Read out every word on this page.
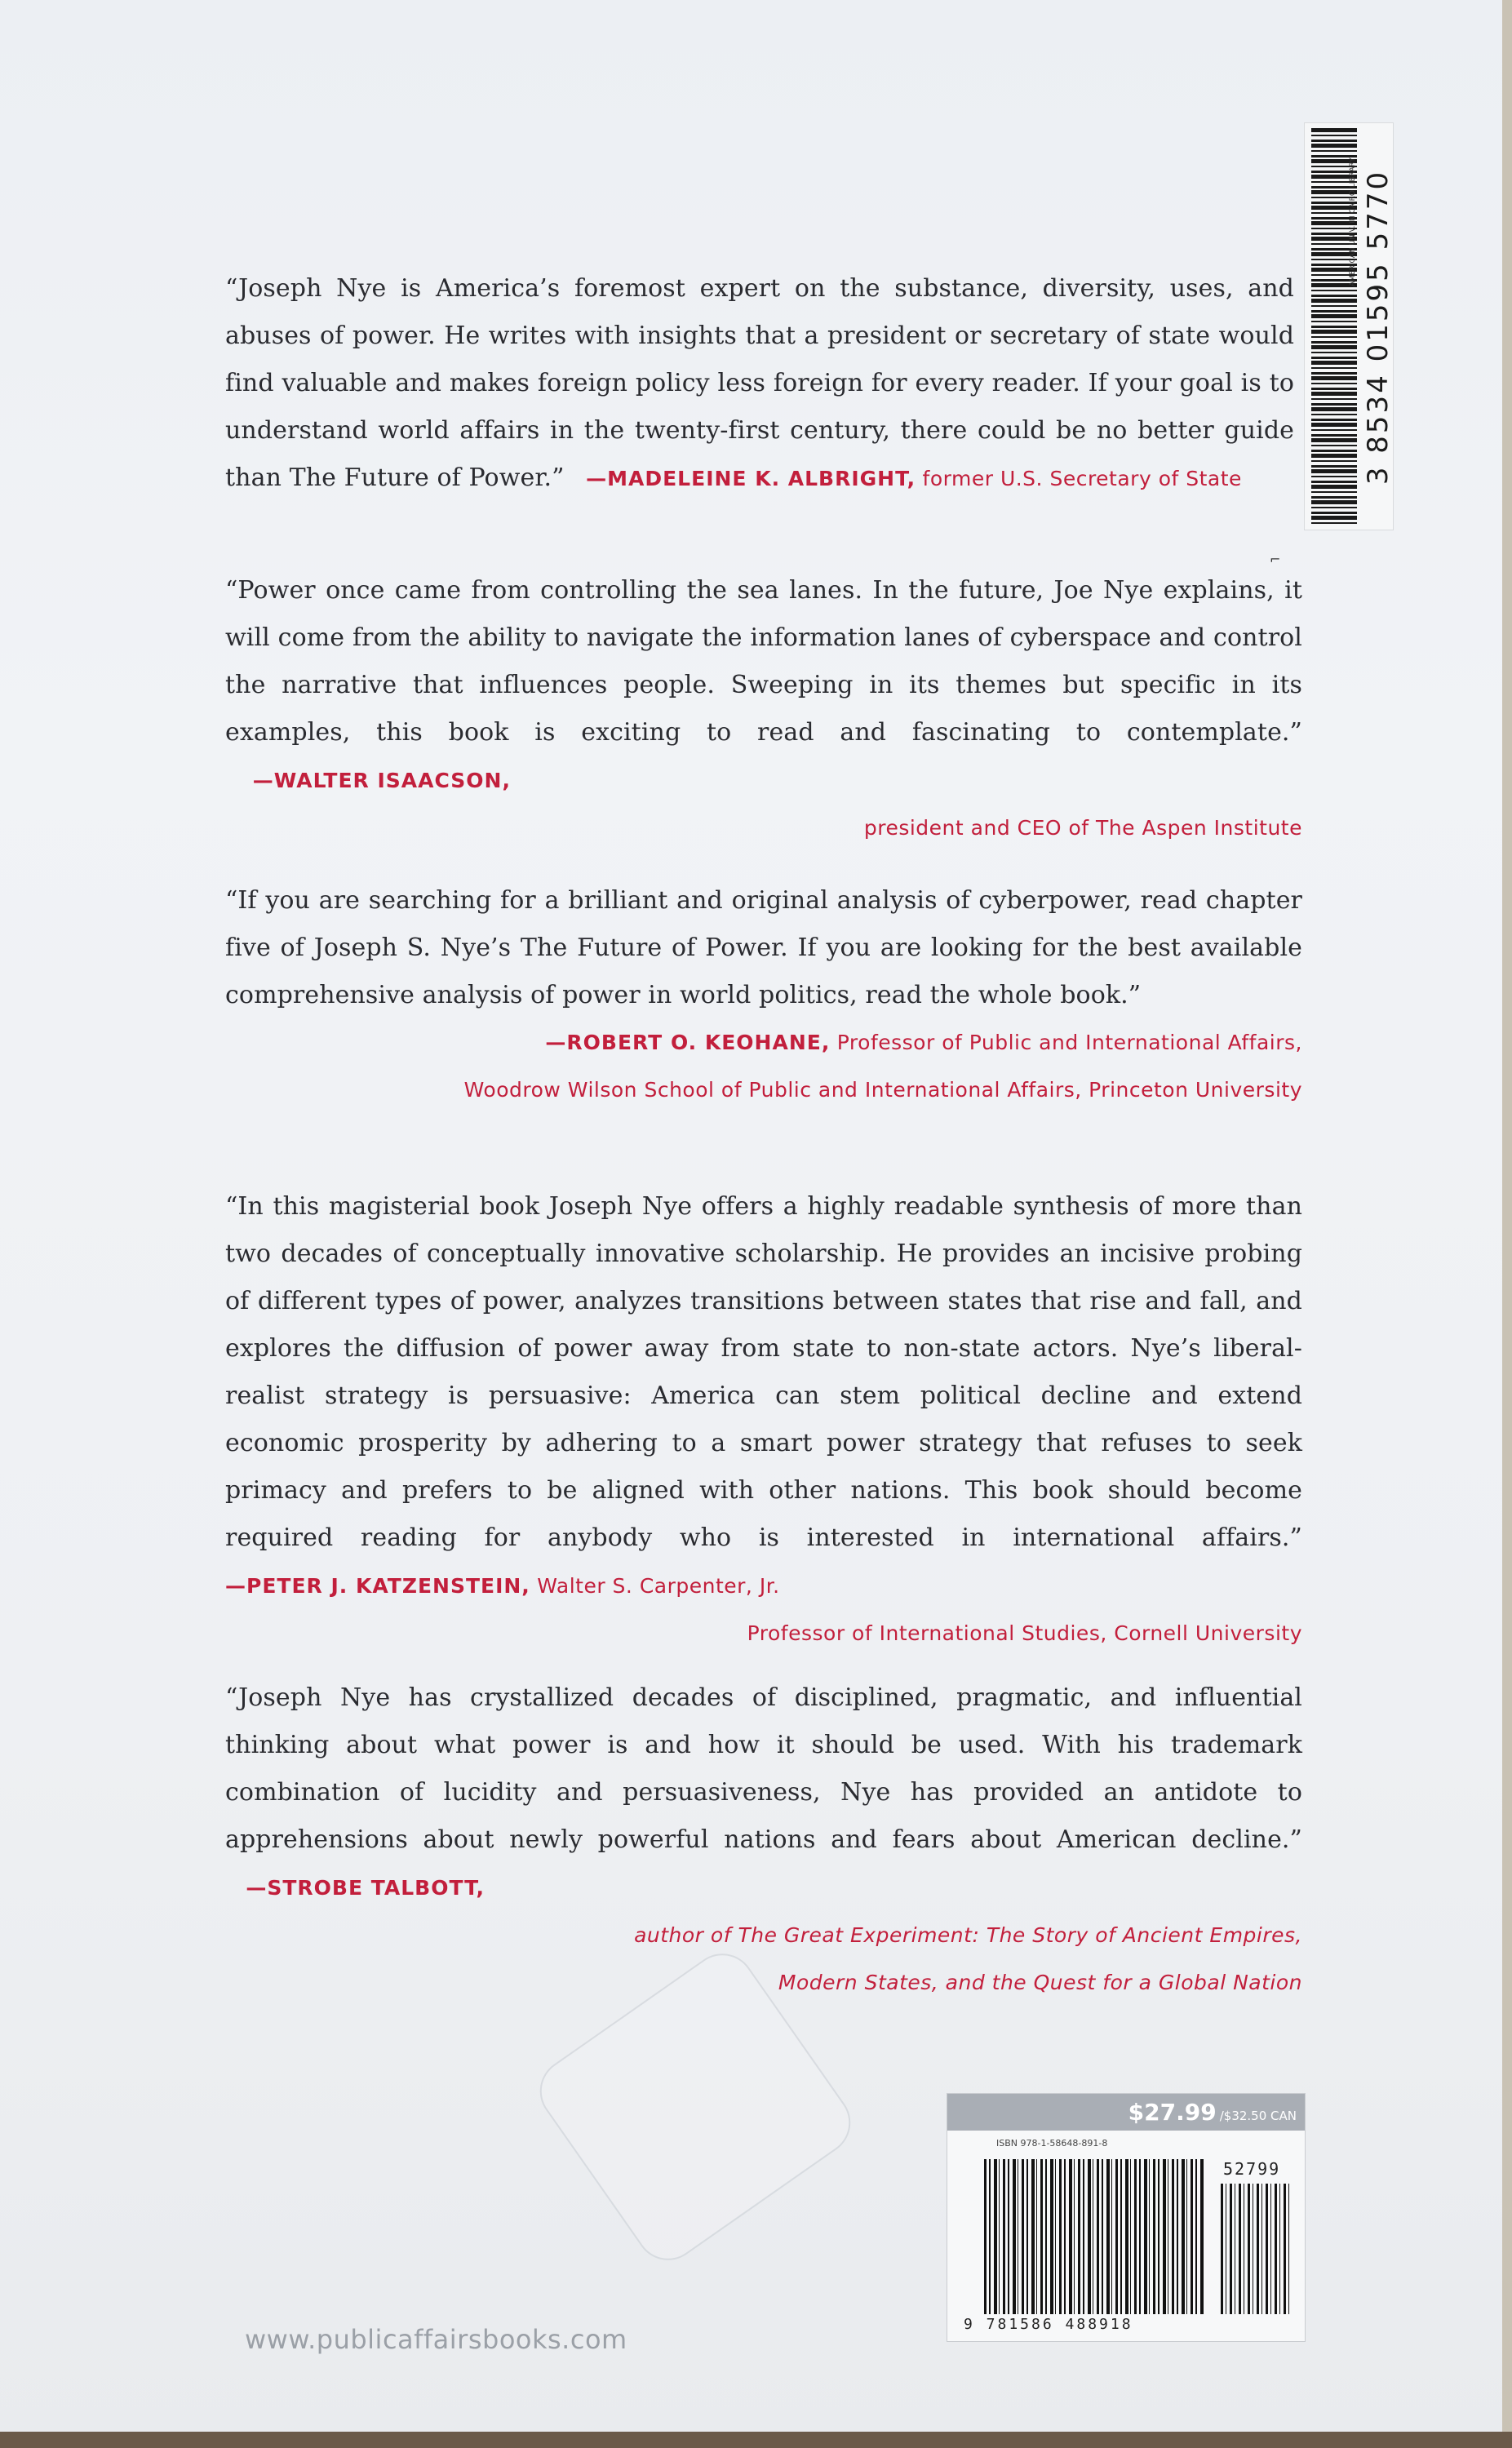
AMERICAN UNIV. IN CAIRO LIBRARY 3 8534 01595 5770
“Joseph Nye is America’s foremost expert on the substance, diversity, uses, and abuses of power. He writes with insights that a president or secretary of state would find valuable and makes foreign policy less foreign for every reader. If your goal is to understand world affairs in the twenty-first century, there could be no better guide than The Future of Power.” —MADELEINE K. ALBRIGHT, former U.S. Secretary of State
⌐
“Power once came from controlling the sea lanes. In the future, Joe Nye explains, it will come from the ability to navigate the information lanes of cyberspace and control the narrative that influences people. Sweeping in its themes but specific in its examples, this book is exciting to read and fascinating to contemplate.”     —WALTER ISAACSON,
president and CEO of The Aspen Institute
“If you are searching for a brilliant and original analysis of cyberpower, read chapter five of Joseph S. Nye’s The Future of Power. If you are looking for the best available comprehensive analysis of power in world politics, read the whole book.”
—ROBERT O. KEOHANE, Professor of Public and International Affairs,
Woodrow Wilson School of Public and International Affairs, Princeton University
“In this magisterial book Joseph Nye offers a highly readable synthesis of more than two decades of conceptually innovative scholarship. He provides an incisive probing of different types of power, analyzes transitions between states that rise and fall, and explores the diffusion of power away from state to non-state actors. Nye’s liberal-realist strategy is persuasive: America can stem political decline and extend economic prosperity by adhering to a smart power strategy that refuses to seek primacy and prefers to be aligned with other nations. This book should become required reading for anybody who is interested in international affairs.” —PETER J. KATZENSTEIN, Walter S. Carpenter, Jr.
Professor of International Studies, Cornell University
“Joseph Nye has crystallized decades of disciplined, pragmatic, and influential thinking about what power is and how it should be used. With his trademark combination of lucidity and persuasiveness, Nye has provided an antidote to apprehensions about newly powerful nations and fears about American decline.”    —STROBE TALBOTT,
author of The Great Experiment: The Story of Ancient Empires,
Modern States, and the Quest for a Global Nation
$27.99 /$32.50 CAN
ISBN 978-1-58648-891-8
52799
9 781586 488918
www.publicaffairsbooks.com
